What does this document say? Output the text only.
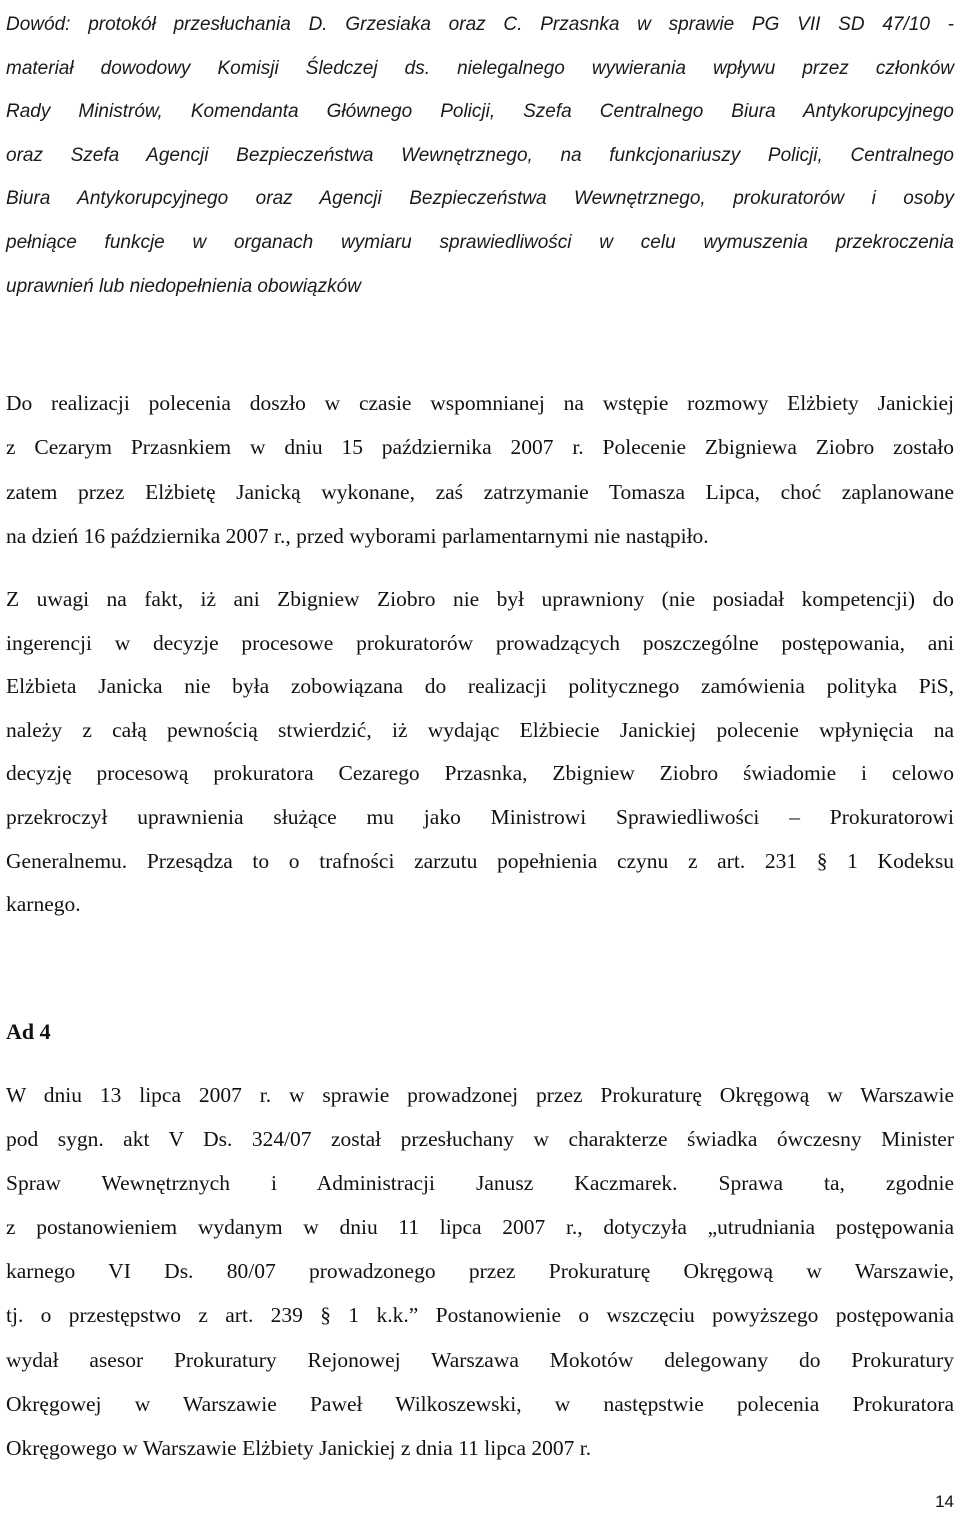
Dowód: protokół przesłuchania D. Grzesiaka oraz C. Przasnka w sprawie PG VII SD 47/10 -
materiał dowodowy Komisji Śledczej ds. nielegalnego wywierania wpływu przez członków
Rady Ministrów, Komendanta Głównego Policji, Szefa Centralnego Biura Antykorupcyjnego
oraz Szefa Agencji Bezpieczeństwa Wewnętrznego, na funkcjonariuszy Policji, Centralnego
Biura Antykorupcyjnego oraz Agencji Bezpieczeństwa Wewnętrznego, prokuratorów i osoby
pełniące funkcje w organach wymiaru sprawiedliwości w celu wymuszenia przekroczenia
uprawnień lub niedopełnienia obowiązków

Do realizacji polecenia doszło w czasie wspomnianej na wstępie rozmowy Elżbiety Janickiej
z Cezarym Przasnkiem w dniu 15 października 2007 r. Polecenie Zbigniewa Ziobro zostało
zatem przez Elżbietę Janicką wykonane, zaś zatrzymanie Tomasza Lipca, choć zaplanowane
na dzień 16 października 2007 r., przed wyborami parlamentarnymi nie nastąpiło.

Z uwagi na fakt, iż ani Zbigniew Ziobro nie był uprawniony (nie posiadał kompetencji) do
ingerencji w decyzje procesowe prokuratorów prowadzących poszczególne postępowania, ani
Elżbieta Janicka nie była zobowiązana do realizacji politycznego zamówienia polityka PiS,
należy z całą pewnością stwierdzić, iż wydając Elżbiecie Janickiej polecenie wpłynięcia na
decyzję procesową prokuratora Cezarego Przasnka, Zbigniew Ziobro świadomie i celowo
przekroczył uprawnienia służące mu jako Ministrowi Sprawiedliwości – Prokuratorowi
Generalnemu. Przesądza to o trafności zarzutu popełnienia czynu z art. 231 § 1 Kodeksu
karnego.

Ad 4

W dniu 13 lipca 2007 r. w sprawie prowadzonej przez Prokuraturę Okręgową w Warszawie
pod sygn. akt V Ds. 324/07 został przesłuchany w charakterze świadka ówczesny Minister
Spraw Wewnętrznych i Administracji Janusz Kaczmarek. Sprawa ta, zgodnie
z postanowieniem wydanym w dniu 11 lipca 2007 r., dotyczyła „utrudniania postępowania
karnego VI Ds. 80/07 prowadzonego przez Prokuraturę Okręgową w Warszawie,
tj. o przestępstwo z art. 239 § 1 k.k.” Postanowienie o wszczęciu powyższego postępowania
wydał asesor Prokuratury Rejonowej Warszawa Mokotów delegowany do Prokuratury
Okręgowej w Warszawie Paweł Wilkoszewski, w następstwie polecenia Prokuratora
Okręgowego w Warszawie Elżbiety Janickiej z dnia 11 lipca 2007 r.

14
